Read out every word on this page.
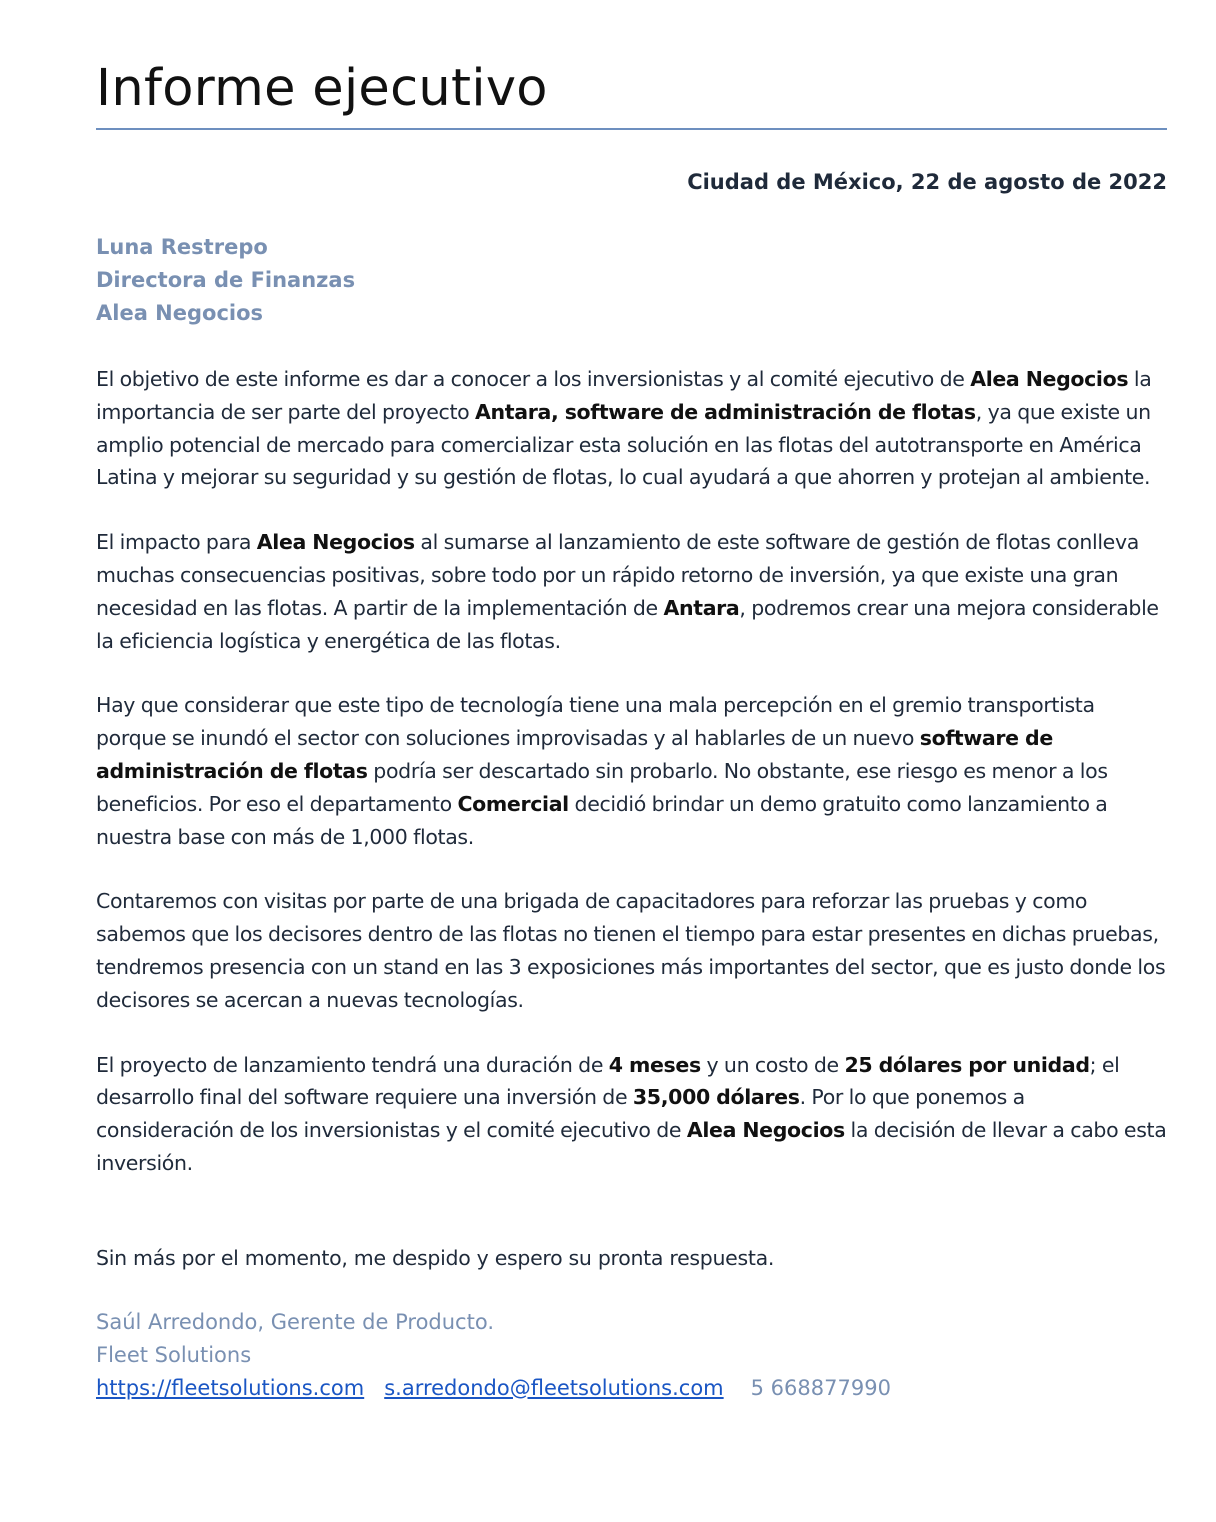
Informe ejecutivo
Ciudad de México, 22 de agosto de 2022
Luna Restrepo
Directora de Finanzas
Alea Negocios

El objetivo de este informe es dar a conocer a los inversionistas y al comité ejecutivo de Alea Negocios la importancia de ser parte del proyecto Antara, software de administración de flotas, ya que existe un amplio potencial de mercado para comercializar esta solución en las flotas del autotransporte en América Latina y mejorar su seguridad y su gestión de flotas, lo cual ayudará a que ahorren y protejan al ambiente.

El impacto para Alea Negocios al sumarse al lanzamiento de este software de gestión de flotas conlleva muchas consecuencias positivas, sobre todo por un rápido retorno de inversión, ya que existe una gran necesidad en las flotas. A partir de la implementación de Antara, podremos crear una mejora considerable la eficiencia logística y energética de las flotas.

Hay que considerar que este tipo de tecnología tiene una mala percepción en el gremio transportista porque se inundó el sector con soluciones improvisadas y al hablarles de un nuevo software de administración de flotas podría ser descartado sin probarlo. No obstante, ese riesgo es menor a los beneficios. Por eso el departamento Comercial decidió brindar un demo gratuito como lanzamiento a nuestra base con más de 1,000 flotas.

Contaremos con visitas por parte de una brigada de capacitadores para reforzar las pruebas y como sabemos que los decisores dentro de las flotas no tienen el tiempo para estar presentes en dichas pruebas, tendremos presencia con un stand en las 3 exposiciones más importantes del sector, que es justo donde los decisores se acercan a nuevas tecnologías.

El proyecto de lanzamiento tendrá una duración de 4 meses y un costo de 25 dólares por unidad; el desarrollo final del software requiere una inversión de 35,000 dólares. Por lo que ponemos a consideración de los inversionistas y el comité ejecutivo de Alea Negocios la decisión de llevar a cabo esta inversión.

Sin más por el momento, me despido y espero su pronta respuesta.
Saúl Arredondo, Gerente de Producto.
Fleet Solutions
https://fleetsolutions.com s.arredondo@fleetsolutions.com 5 668877990
